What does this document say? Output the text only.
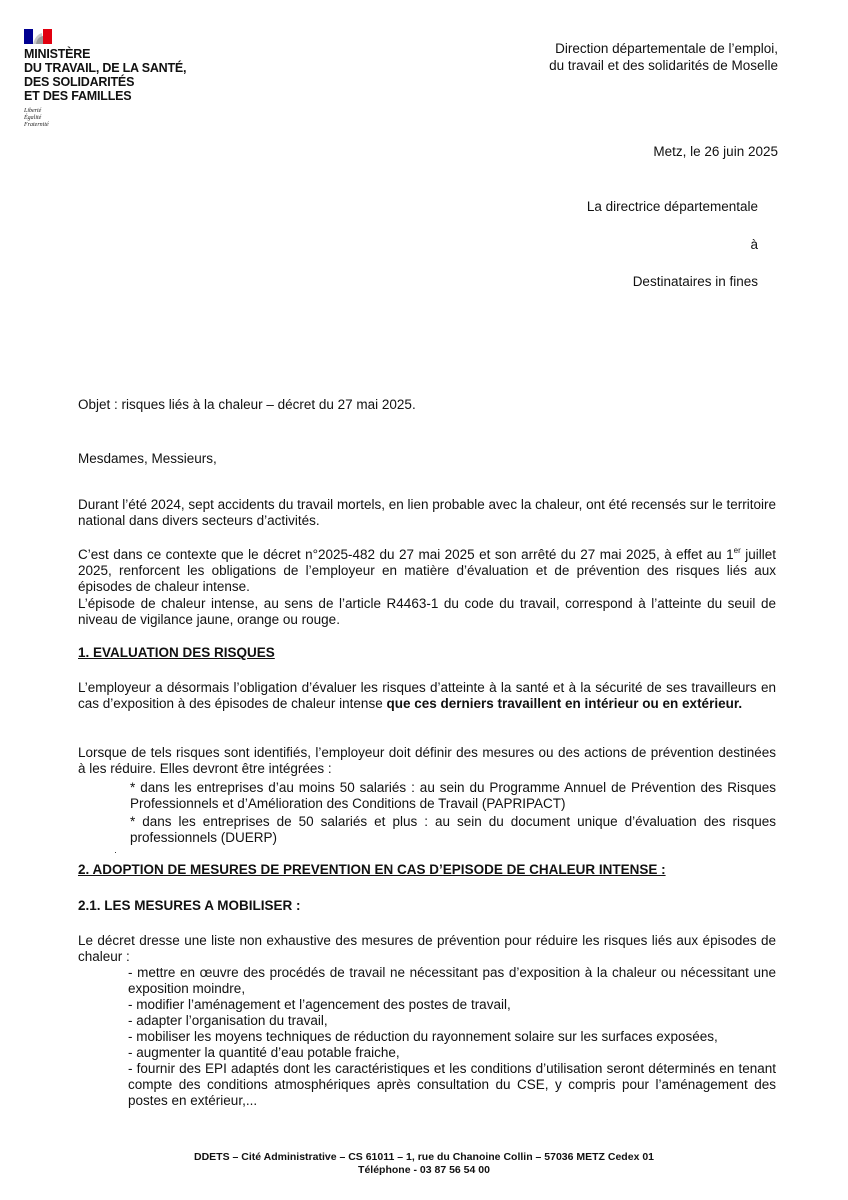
MINISTÈRE
DU TRAVAIL, DE LA SANTÉ,
DES SOLIDARITÉS
ET DES FAMILLES
Liberté
Égalité
Fraternité
Direction départementale de l’emploi,
du travail et des solidarités de Moselle
Metz, le 26 juin 2025
La directrice départementale
à
Destinataires in fines
Objet : risques liés à la chaleur – décret du 27 mai 2025.
Mesdames, Messieurs,
Durant l’été 2024, sept accidents du travail mortels, en lien probable avec la chaleur, ont été recensés sur le territoire national dans divers secteurs d’activités.
C’est dans ce contexte que le décret n°2025-482 du 27 mai 2025 et son arrêté du 27 mai 2025, à effet au 1er juillet 2025, renforcent les obligations de l’employeur en matière d’évaluation et de prévention des risques liés aux épisodes de chaleur intense.
L’épisode de chaleur intense, au sens de l’article R4463-1 du code du travail, correspond à l’atteinte du seuil de niveau de vigilance jaune, orange ou rouge.
1. EVALUATION DES RISQUES
L’employeur a désormais l’obligation d’évaluer les risques d’atteinte à la santé et à la sécurité de ses travailleurs en cas d’exposition à des épisodes de chaleur intense que ces derniers travaillent en intérieur ou en extérieur.
Lorsque de tels risques sont identifiés, l’employeur doit définir des mesures ou des actions de prévention destinées à les réduire. Elles devront être intégrées :
* dans les entreprises d’au moins 50 salariés : au sein du Programme Annuel de Prévention des Risques Professionnels et d’Amélioration des Conditions de Travail (PAPRIPACT)
* dans les entreprises de 50 salariés et plus : au sein du document unique d’évaluation des risques professionnels (DUERP)
·
2. ADOPTION DE MESURES DE PREVENTION EN CAS D’EPISODE DE CHALEUR INTENSE :
2.1. LES MESURES A MOBILISER :
Le décret dresse une liste non exhaustive des mesures de prévention pour réduire les risques liés aux épisodes de chaleur :
- mettre en œuvre des procédés de travail ne nécessitant pas d’exposition à la chaleur ou nécessitant une exposition moindre,
- modifier l’aménagement et l’agencement des postes de travail,
- adapter l’organisation du travail,
- mobiliser les moyens techniques de réduction du rayonnement solaire sur les surfaces exposées,
- augmenter la quantité d’eau potable fraiche,
- fournir des EPI adaptés dont les caractéristiques et les conditions d’utilisation seront déterminés en tenant compte des conditions atmosphériques après consultation du CSE, y compris pour l’aménagement des postes en extérieur,...
DDETS – Cité Administrative – CS 61011 – 1, rue du Chanoine Collin – 57036 METZ Cedex 01
Téléphone - 03 87 56 54 00
